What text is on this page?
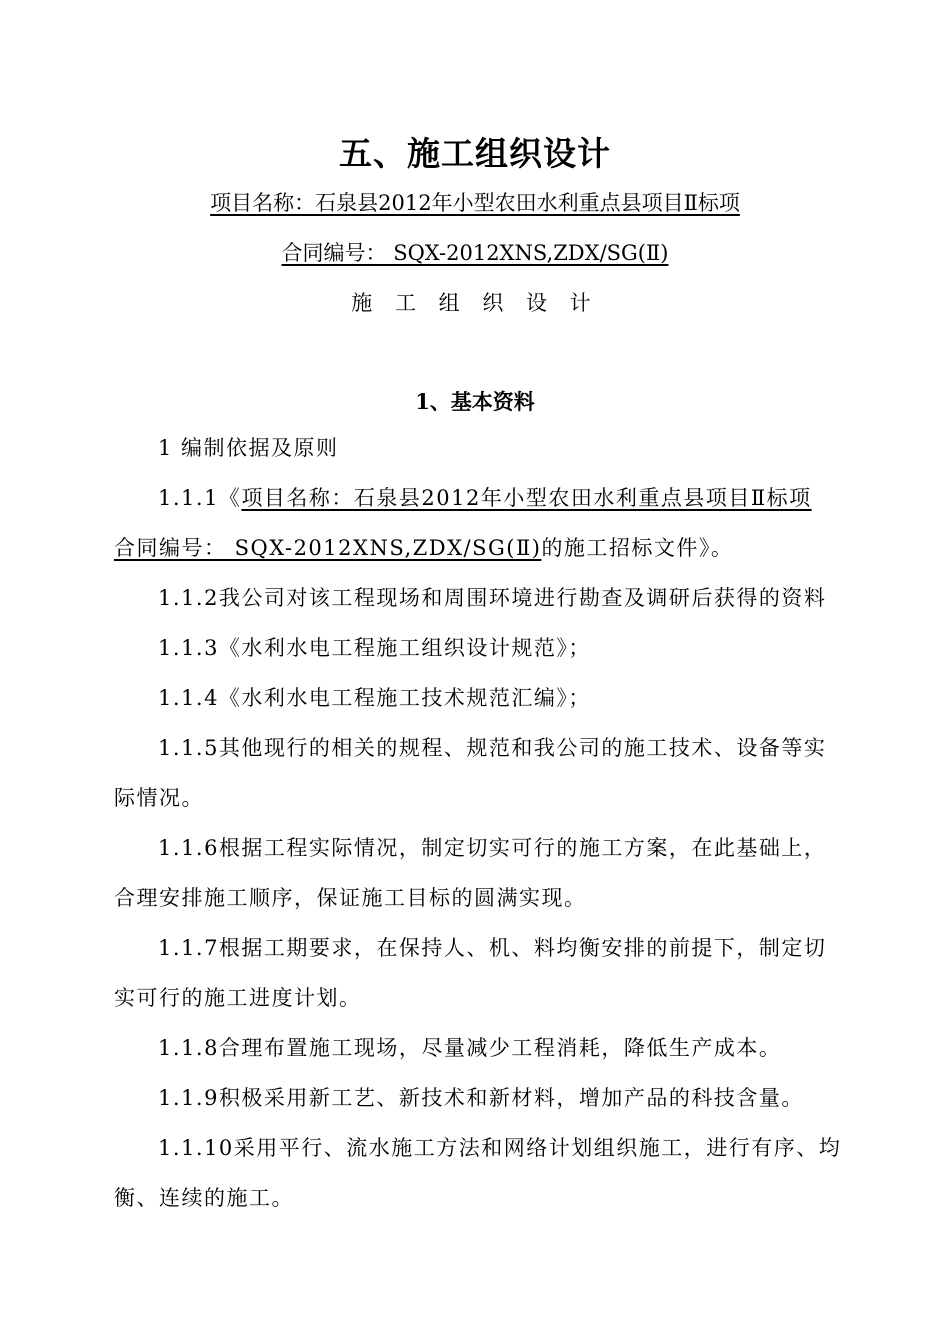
五、施工组织设计
项目名称：石泉县2012年小型农田水利重点县项目Ⅱ标项
合同编号： SQX-2012XNS,ZDX/SG(Ⅱ)
施 工 组 织 设 计
1、基本资料

1 编制依据及原则

1.1.1《项目名称：石泉县2012年小型农田水利重点县项目Ⅱ标项 合同编号： SQX-2012XNS,ZDX/SG(Ⅱ)的施工招标文件》。

1.1.2我公司对该工程现场和周围环境进行勘查及调研后获得的资料

1.1.3《水利水电工程施工组织设计规范》；

1.1.4《水利水电工程施工技术规范汇编》；

1.1.5其他现行的相关的规程、规范和我公司的施工技术、设备等实际情况。

1.1.6根据工程实际情况，制定切实可行的施工方案，在此基础上，合理安排施工顺序，保证施工目标的圆满实现。

1.1.7根据工期要求，在保持人、机、料均衡安排的前提下，制定切实可行的施工进度计划。

1.1.8合理布置施工现场，尽量减少工程消耗，降低生产成本。

1.1.9积极采用新工艺、新技术和新材料，增加产品的科技含量。

1.1.10采用平行、流水施工方法和网络计划组织施工，进行有序、均衡、连续的施工。
